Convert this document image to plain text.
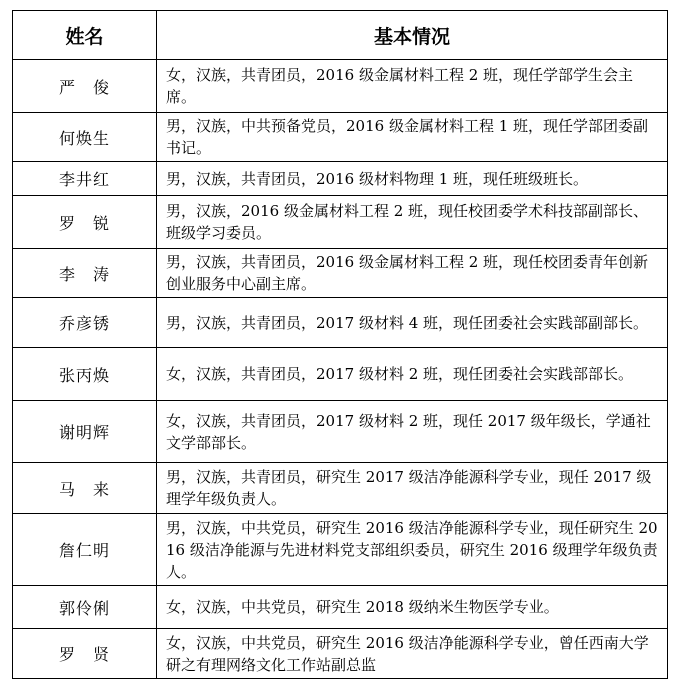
姓名	基本情况
严　俊	女，汉族，共青团员，2016 级金属材料工程 2 班，现任学部学生会主席。
何焕生	男，汉族，中共预备党员，2016 级金属材料工程 1 班，现任学部团委副书记。
李井红	男，汉族，共青团员，2016 级材料物理 1 班，现任班级班长。
罗　锐	男，汉族，2016 级金属材料工程 2 班，现任校团委学术科技部副部长、班级学习委员。
李　涛	男，汉族，共青团员，2016 级金属材料工程 2 班，现任校团委青年创新创业服务中心副主席。
乔彦锈	男，汉族，共青团员，2017 级材料 4 班，现任团委社会实践部副部长。
张丙焕	女，汉族，共青团员，2017 级材料 2 班，现任团委社会实践部部长。
谢明辉	女，汉族，共青团员，2017 级材料 2 班，现任 2017 级年级长，学通社文学部部长。
马　来	男，汉族，共青团员，研究生 2017 级洁净能源科学专业，现任 2017 级理学年级负责人。
詹仁明	男，汉族，中共党员，研究生 2016 级洁净能源科学专业，现任研究生 2016 级洁净能源与先进材料党支部组织委员，研究生 2016 级理学年级负责人。
郭伶俐	女，汉族，中共党员，研究生 2018 级纳米生物医学专业。
罗　贤	女，汉族，中共党员，研究生 2016 级洁净能源科学专业，曾任西南大学研之有理网络文化工作站副总监
